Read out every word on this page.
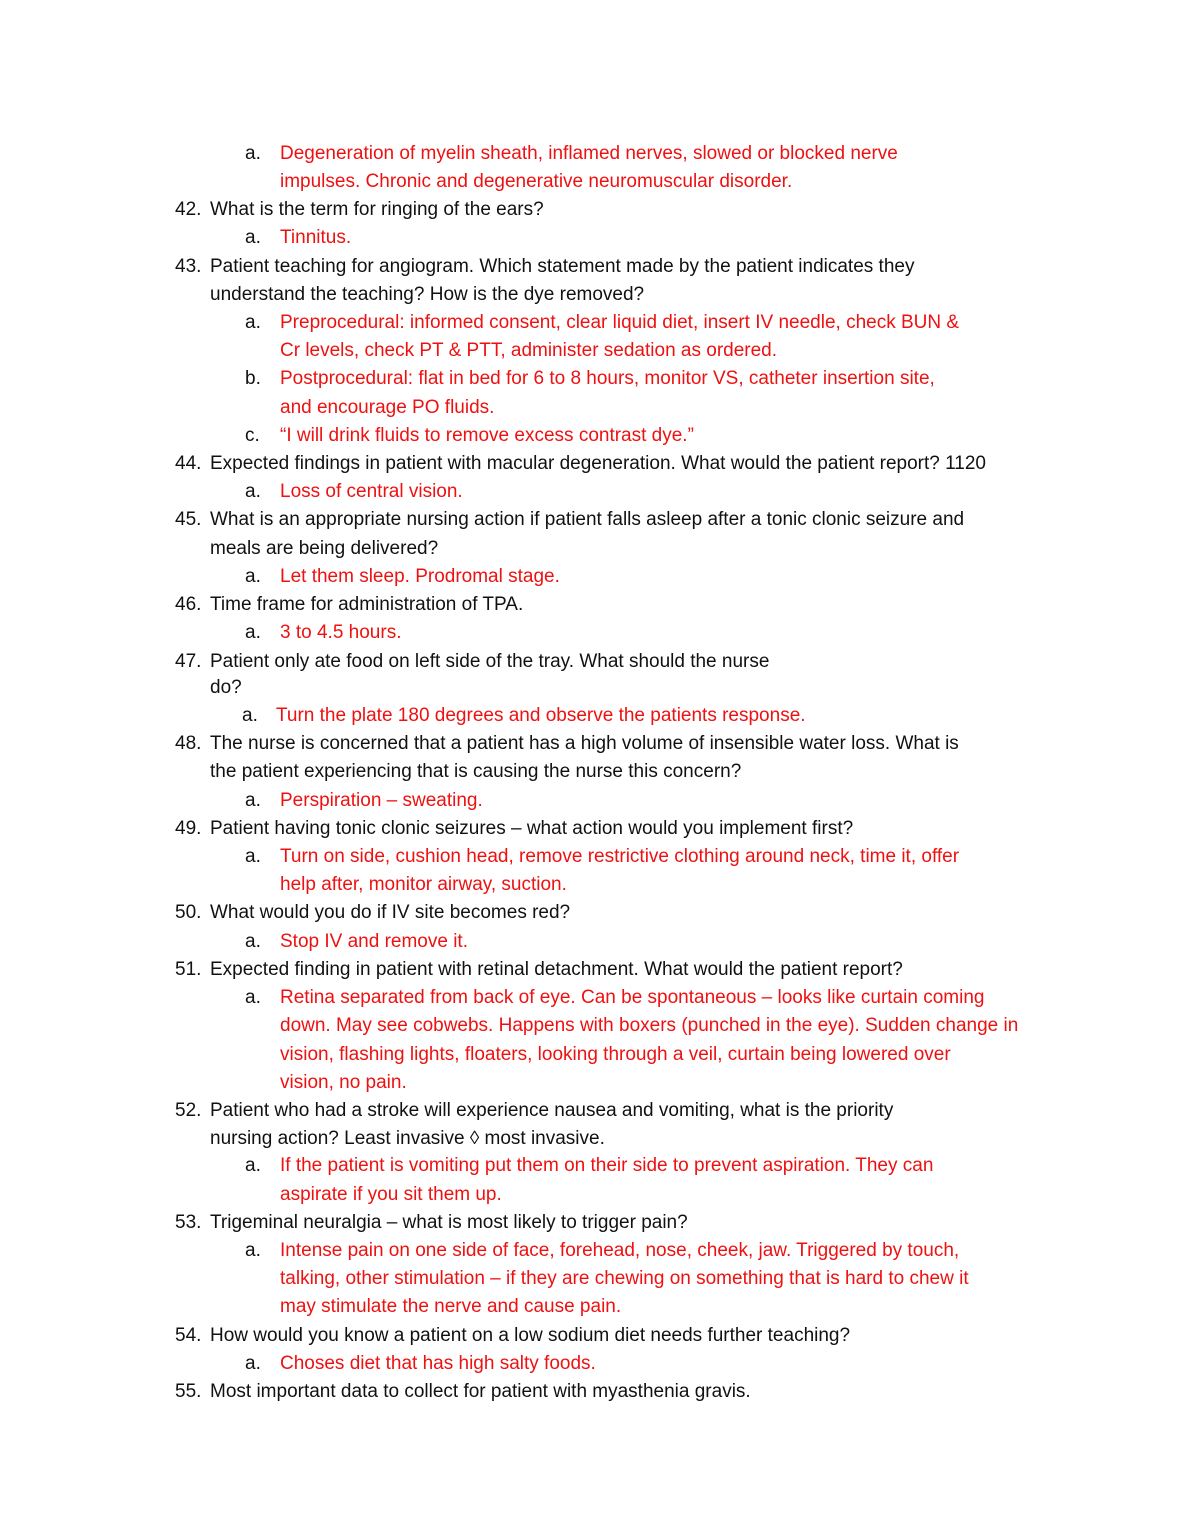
a. Degeneration of myelin sheath, inflamed nerves, slowed or blocked nerve
impulses. Chronic and degenerative neuromuscular disorder.
42. What is the term for ringing of the ears?
a. Tinnitus.
43. Patient teaching for angiogram. Which statement made by the patient indicates they
understand the teaching? How is the dye removed?
a. Preprocedural: informed consent, clear liquid diet, insert IV needle, check BUN &
Cr levels, check PT & PTT, administer sedation as ordered.
b. Postprocedural: flat in bed for 6 to 8 hours, monitor VS, catheter insertion site,
and encourage PO fluids.
c. “I will drink fluids to remove excess contrast dye.”
44. Expected findings in patient with macular degeneration. What would the patient report? 1120
a. Loss of central vision.
45. What is an appropriate nursing action if patient falls asleep after a tonic clonic seizure and
meals are being delivered?
a. Let them sleep. Prodromal stage.
46. Time frame for administration of TPA.
a. 3 to 4.5 hours.
47. Patient only ate food on left side of the tray. What should the nurse
do?
a. Turn the plate 180 degrees and observe the patients response.
48. The nurse is concerned that a patient has a high volume of insensible water loss. What is
the patient experiencing that is causing the nurse this concern?
a. Perspiration – sweating.
49. Patient having tonic clonic seizures – what action would you implement first?
a. Turn on side, cushion head, remove restrictive clothing around neck, time it, offer
help after, monitor airway, suction.
50. What would you do if IV site becomes red?
a. Stop IV and remove it.
51. Expected finding in patient with retinal detachment. What would the patient report?
a. Retina separated from back of eye. Can be spontaneous – looks like curtain coming
down. May see cobwebs. Happens with boxers (punched in the eye). Sudden change in
vision, flashing lights, floaters, looking through a veil, curtain being lowered over
vision, no pain.
52. Patient who had a stroke will experience nausea and vomiting, what is the priority
nursing action? Least invasive ◊ most invasive.
a. If the patient is vomiting put them on their side to prevent aspiration. They can
aspirate if you sit them up.
53. Trigeminal neuralgia – what is most likely to trigger pain?
a. Intense pain on one side of face, forehead, nose, cheek, jaw. Triggered by touch,
talking, other stimulation – if they are chewing on something that is hard to chew it
may stimulate the nerve and cause pain.
54. How would you know a patient on a low sodium diet needs further teaching?
a. Choses diet that has high salty foods.
55. Most important data to collect for patient with myasthenia gravis.
